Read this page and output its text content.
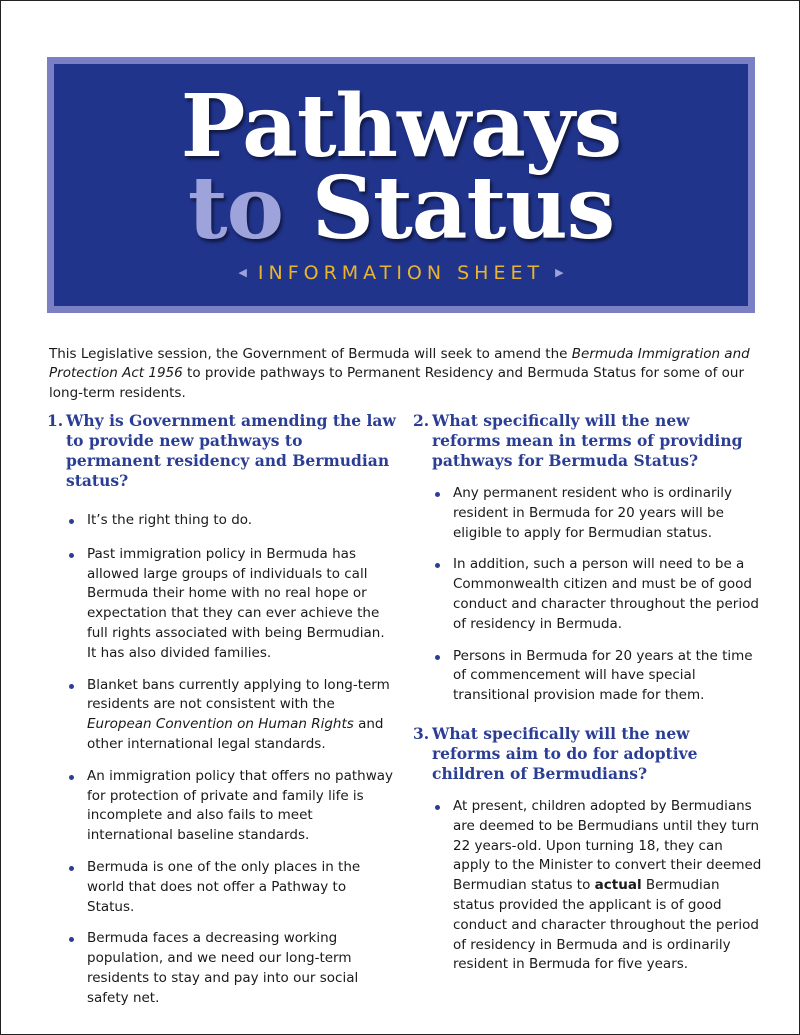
Pathways
to Status
◀ INFORMATION SHEET ▶

This Legislative session, the Government of Bermuda will seek to amend the Bermuda Immigration and Protection Act 1956 to provide pathways to Permanent Residency and Bermuda Status for some of our long-term residents.

1. Why is Government amending the law to provide new pathways to permanent residency and Bermudian status?
It’s the right thing to do.
Past immigration policy in Bermuda has allowed large groups of individuals to call Bermuda their home with no real hope or expectation that they can ever achieve the full rights associated with being Bermudian. It has also divided families.
Blanket bans currently applying to long-term residents are not consistent with the European Convention on Human Rights and other international legal standards.
An immigration policy that offers no pathway for protection of private and family life is incomplete and also fails to meet international baseline standards.
Bermuda is one of the only places in the world that does not offer a Pathway to Status.
Bermuda faces a decreasing working population, and we need our long-term residents to stay and pay into our social safety net.
2. What specifically will the new reforms mean in terms of providing pathways for Bermuda Status?
Any permanent resident who is ordinarily resident in Bermuda for 20 years will be eligible to apply for Bermudian status.
In addition, such a person will need to be a Commonwealth citizen and must be of good conduct and character throughout the period of residency in Bermuda.
Persons in Bermuda for 20 years at the time of commencement will have special transitional provision made for them.
3. What specifically will the new reforms aim to do for adoptive children of Bermudians?
At present, children adopted by Bermudians are deemed to be Bermudians until they turn 22 years-old. Upon turning 18, they can apply to the Minister to convert their deemed Bermudian status to actual Bermudian status provided the applicant is of good conduct and character throughout the period of residency in Bermuda and is ordinarily resident in Bermuda for five years.
